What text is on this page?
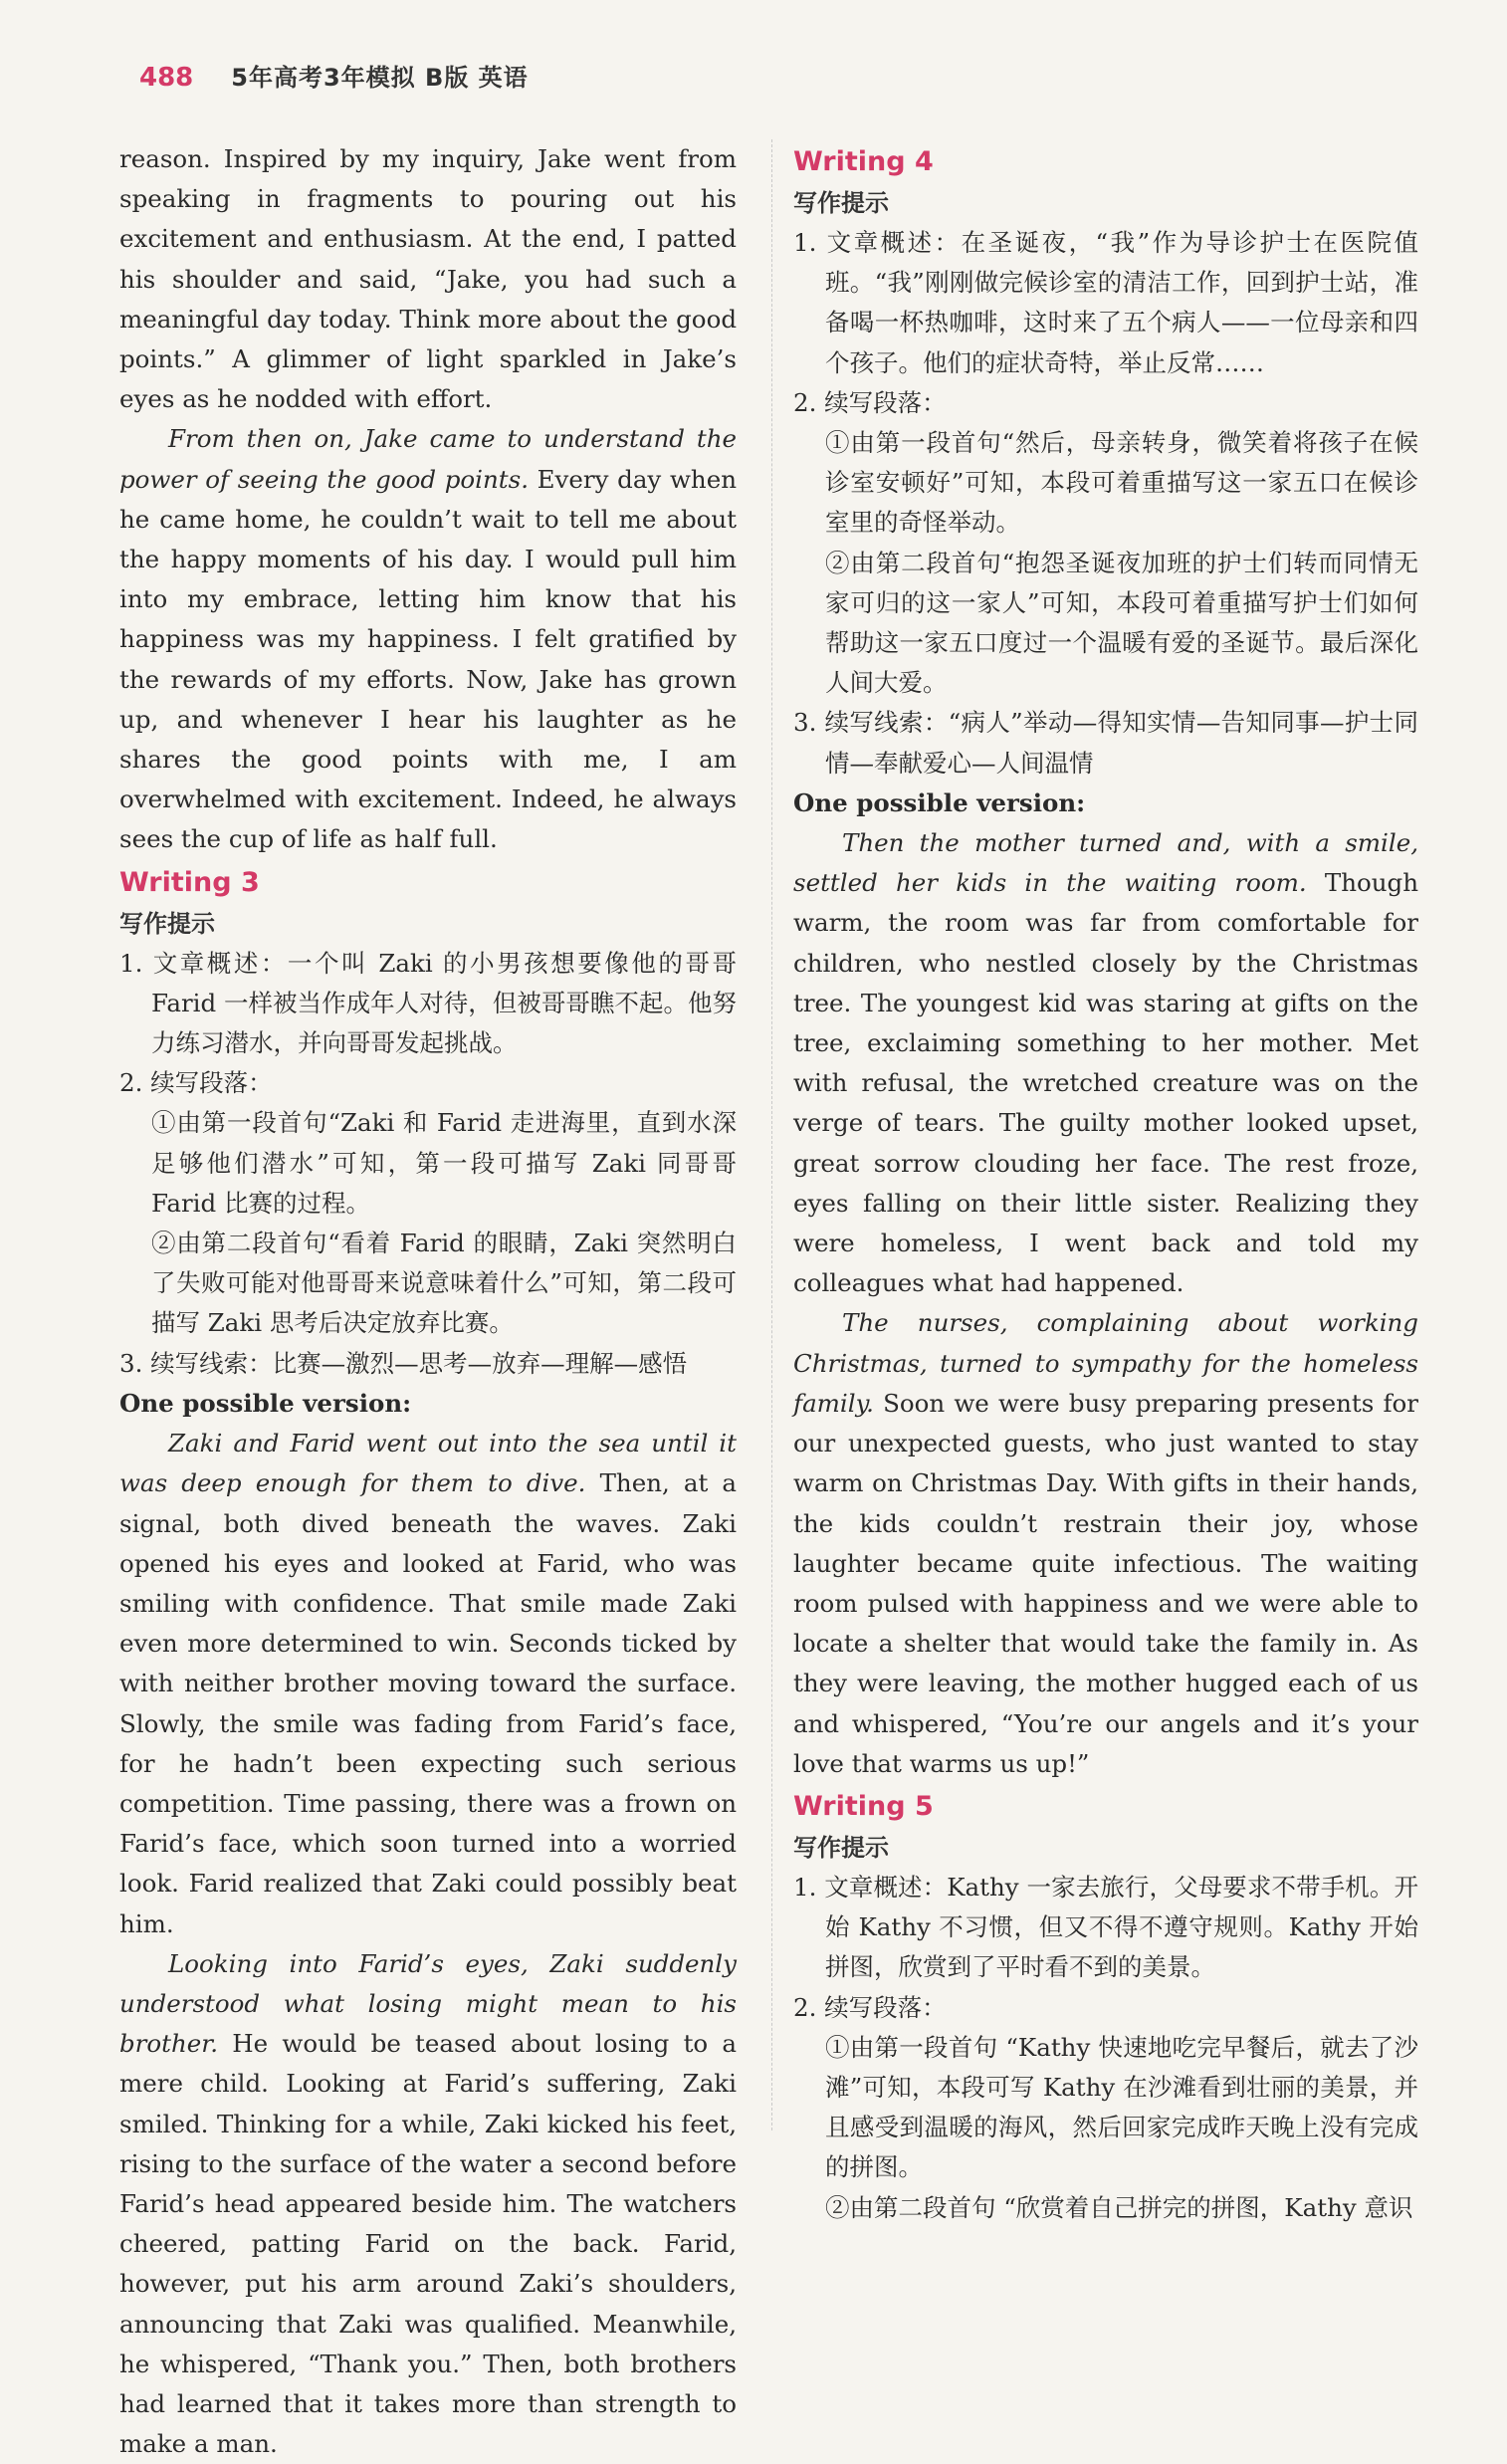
488 5年高考3年模拟 B版 英语

reason. Inspired by my inquiry, Jake went from speaking in fragments to pouring out his excitement and enthusiasm. At the end, I patted his shoulder and said, “Jake, you had such a meaningful day today. Think more about the good points.” A glimmer of light sparkled in Jake’s eyes as he nodded with effort.

From then on, Jake came to understand the power of seeing the good points. Every day when he came home, he couldn’t wait to tell me about the happy moments of his day. I would pull him into my embrace, letting him know that his happiness was my happiness. I felt gratified by the rewards of my efforts. Now, Jake has grown up, and whenever I hear his laughter as he shares the good points with me, I am overwhelmed with excitement. Indeed, he always sees the cup of life as half full.

Writing 3
写作提示

1. 文章概述：一个叫 Zaki 的小男孩想要像他的哥哥 Farid 一样被当作成年人对待，但被哥哥瞧不起。他努力练习潜水，并向哥哥发起挑战。

2. 续写段落：

①由第一段首句“Zaki 和 Farid 走进海里，直到水深足够他们潜水”可知，第一段可描写 Zaki 同哥哥 Farid 比赛的过程。

②由第二段首句“看着 Farid 的眼睛，Zaki 突然明白了失败可能对他哥哥来说意味着什么”可知，第二段可描写 Zaki 思考后决定放弃比赛。

3. 续写线索：比赛—激烈—思考—放弃—理解—感悟

One possible version:

Zaki and Farid went out into the sea until it was deep enough for them to dive. Then, at a signal, both dived beneath the waves. Zaki opened his eyes and looked at Farid, who was smiling with confidence. That smile made Zaki even more determined to win. Seconds ticked by with neither brother moving toward the surface. Slowly, the smile was fading from Farid’s face, for he hadn’t been expecting such serious competition. Time passing, there was a frown on Farid’s face, which soon turned into a worried look. Farid realized that Zaki could possibly beat him.

Looking into Farid’s eyes, Zaki suddenly understood what losing might mean to his brother. He would be teased about losing to a mere child. Looking at Farid’s suffering, Zaki smiled. Thinking for a while, Zaki kicked his feet, rising to the surface of the water a second before Farid’s head appeared beside him. The watchers cheered, patting Farid on the back. Farid, however, put his arm around Zaki’s shoulders, announcing that Zaki was qualified. Meanwhile, he whispered, “Thank you.” Then, both brothers had learned that it takes more than strength to make a man.

Writing 4
写作提示

1. 文章概述：在圣诞夜，“我”作为导诊护士在医院值班。“我”刚刚做完候诊室的清洁工作，回到护士站，准备喝一杯热咖啡，这时来了五个病人——一位母亲和四个孩子。他们的症状奇特，举止反常……

2. 续写段落：

①由第一段首句“然后，母亲转身，微笑着将孩子在候诊室安顿好”可知，本段可着重描写这一家五口在候诊室里的奇怪举动。

②由第二段首句“抱怨圣诞夜加班的护士们转而同情无家可归的这一家人”可知，本段可着重描写护士们如何帮助这一家五口度过一个温暖有爱的圣诞节。最后深化人间大爱。

3. 续写线索：“病人”举动—得知实情—告知同事—护士同情—奉献爱心—人间温情

One possible version:

Then the mother turned and, with a smile, settled her kids in the waiting room. Though warm, the room was far from comfortable for children, who nestled closely by the Christmas tree. The youngest kid was staring at gifts on the tree, exclaiming something to her mother. Met with refusal, the wretched creature was on the verge of tears. The guilty mother looked upset, great sorrow clouding her face. The rest froze, eyes falling on their little sister. Realizing they were homeless, I went back and told my colleagues what had happened.

The nurses, complaining about working Christmas, turned to sympathy for the homeless family. Soon we were busy preparing presents for our unexpected guests, who just wanted to stay warm on Christmas Day. With gifts in their hands, the kids couldn’t restrain their joy, whose laughter became quite infectious. The waiting room pulsed with happiness and we were able to locate a shelter that would take the family in. As they were leaving, the mother hugged each of us and whispered, “You’re our angels and it’s your love that warms us up!”

Writing 5
写作提示

1. 文章概述：Kathy 一家去旅行，父母要求不带手机。开始 Kathy 不习惯，但又不得不遵守规则。Kathy 开始拼图，欣赏到了平时看不到的美景。

2. 续写段落：

①由第一段首句 “Kathy 快速地吃完早餐后，就去了沙滩”可知，本段可写 Kathy 在沙滩看到壮丽的美景，并且感受到温暖的海风，然后回家完成昨天晚上没有完成的拼图。

②由第二段首句 “欣赏着自己拼完的拼图，Kathy 意识
